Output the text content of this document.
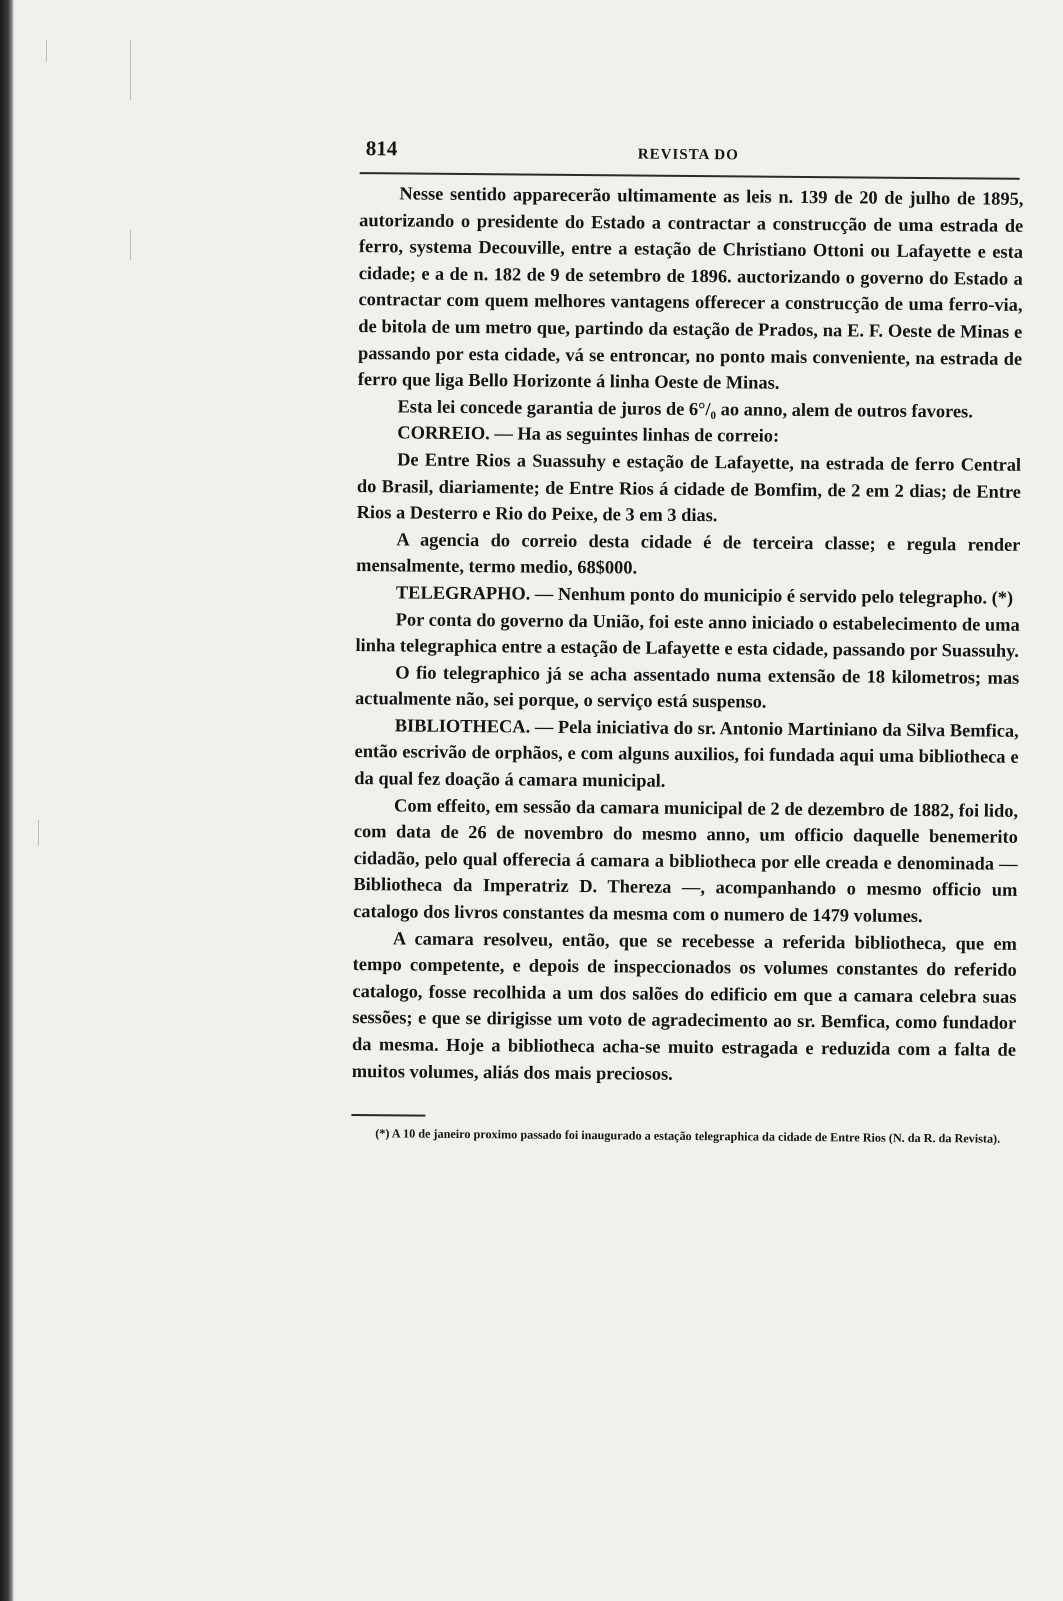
814	REVISTA DO

Nesse sentido apparecerão ultimamente as leis n. 139 de 20 de julho de 1895, autorizando o presidente do Estado a contractar a construcção de uma estrada de ferro, systema Decouville, entre a estação de Christiano Ottoni ou Lafayette e esta cidade; e a de n. 182 de 9 de setembro de 1896. auctorizando o governo do Estado a contractar com quem melhores vantagens offerecer a construcção de uma ferro-via, de bitola de um metro que, partindo da estação de Prados, na E. F. Oeste de Minas e passando por esta cidade, vá se entroncar, no ponto mais conveniente, na estrada de ferro que liga Bello Horizonte á linha Oeste de Minas.

Esta lei concede garantia de juros de 6°/₀ ao anno, alem de outros favores.

CORREIO. — Ha as seguintes linhas de correio:

De Entre Rios a Suassuhy e estação de Lafayette, na estrada de ferro Central do Brasil, diariamente; de Entre Rios á cidade de Bomfim, de 2 em 2 dias; de Entre Rios a Desterro e Rio do Peixe, de 3 em 3 dias.

A agencia do correio desta cidade é de terceira classe; e regula render mensalmente, termo medio, 68$000.

TELEGRAPHO. — Nenhum ponto do municipio é servido pelo telegrapho. (*)

Por conta do governo da União, foi este anno iniciado o estabelecimento de uma linha telegraphica entre a estação de Lafayette e esta cidade, passando por Suassuhy.

O fio telegraphico já se acha assentado numa extensão de 18 kilometros; mas actualmente não, sei porque, o serviço está suspenso.

BIBLIOTHECA. — Pela iniciativa do sr. Antonio Martiniano da Silva Bemfica, então escrivão de orphãos, e com alguns auxilios, foi fundada aqui uma bibliotheca e da qual fez doação á camara municipal.

Com effeito, em sessão da camara municipal de 2 de dezembro de 1882, foi lido, com data de 26 de novembro do mesmo anno, um officio daquelle benemerito cidadão, pelo qual offerecia á camara a bibliotheca por elle creada e denominada — Bibliotheca da Imperatriz D. Thereza —, acompanhando o mesmo officio um catalogo dos livros constantes da mesma com o numero de 1479 volumes.

A camara resolveu, então, que se recebesse a referida bibliotheca, que em tempo competente, e depois de inspeccionados os volumes constantes do referido catalogo, fosse recolhida a um dos salões do edificio em que a camara celebra suas sessões; e que se dirigisse um voto de agradecimento ao sr. Bemfica, como fundador da mesma. Hoje a bibliotheca acha-se muito estragada e reduzida com a falta de muitos volumes, aliás dos mais preciosos.

(*) A 10 de janeiro proximo passado foi inaugurado a estação telegraphica da cidade de Entre Rios (N. da R. da Revista).
